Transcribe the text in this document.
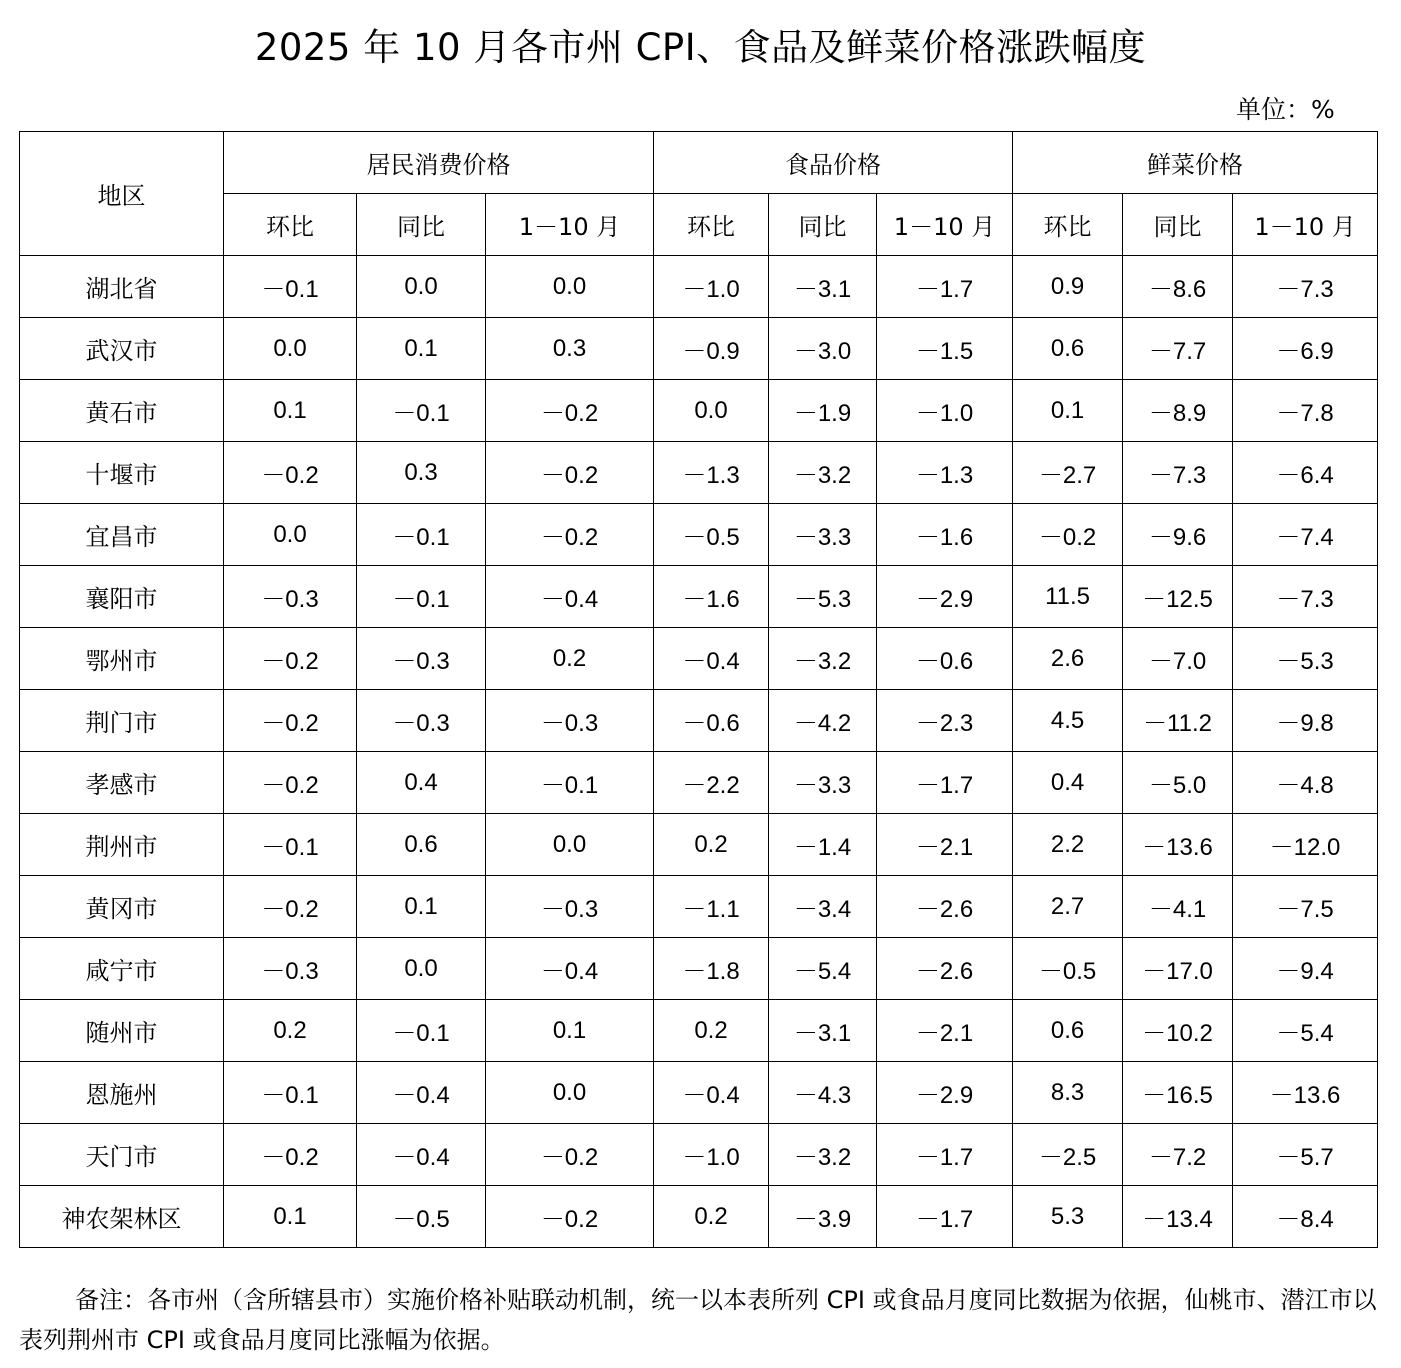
2025 年 10 月各市州 CPI、食品及鲜菜价格涨跌幅度
单位：%
地区	居民消费价格			食品价格			鲜菜价格		
	环比	同比	1－10 月	环比	同比	1－10 月	环比	同比	1－10 月
湖北省	－0.1	0.0	0.0	－1.0	－3.1	－1.7	0.9	－8.6	－7.3
武汉市	0.0	0.1	0.3	－0.9	－3.0	－1.5	0.6	－7.7	－6.9
黄石市	0.1	－0.1	－0.2	0.0	－1.9	－1.0	0.1	－8.9	－7.8
十堰市	－0.2	0.3	－0.2	－1.3	－3.2	－1.3	－2.7	－7.3	－6.4
宜昌市	0.0	－0.1	－0.2	－0.5	－3.3	－1.6	－0.2	－9.6	－7.4
襄阳市	－0.3	－0.1	－0.4	－1.6	－5.3	－2.9	11.5	－12.5	－7.3
鄂州市	－0.2	－0.3	0.2	－0.4	－3.2	－0.6	2.6	－7.0	－5.3
荆门市	－0.2	－0.3	－0.3	－0.6	－4.2	－2.3	4.5	－11.2	－9.8
孝感市	－0.2	0.4	－0.1	－2.2	－3.3	－1.7	0.4	－5.0	－4.8
荆州市	－0.1	0.6	0.0	0.2	－1.4	－2.1	2.2	－13.6	－12.0
黄冈市	－0.2	0.1	－0.3	－1.1	－3.4	－2.6	2.7	－4.1	－7.5
咸宁市	－0.3	0.0	－0.4	－1.8	－5.4	－2.6	－0.5	－17.0	－9.4
随州市	0.2	－0.1	0.1	0.2	－3.1	－2.1	0.6	－10.2	－5.4
恩施州	－0.1	－0.4	0.0	－0.4	－4.3	－2.9	8.3	－16.5	－13.6
天门市	－0.2	－0.4	－0.2	－1.0	－3.2	－1.7	－2.5	－7.2	－5.7
神农架林区	0.1	－0.5	－0.2	0.2	－3.9	－1.7	5.3	－13.4	－8.4
备注：各市州（含所辖县市）实施价格补贴联动机制，统一以本表所列 CPI 或食品月度同比数据为依据，仙桃市、潜江市以表列荆州市 CPI 或食品月度同比涨幅为依据。
